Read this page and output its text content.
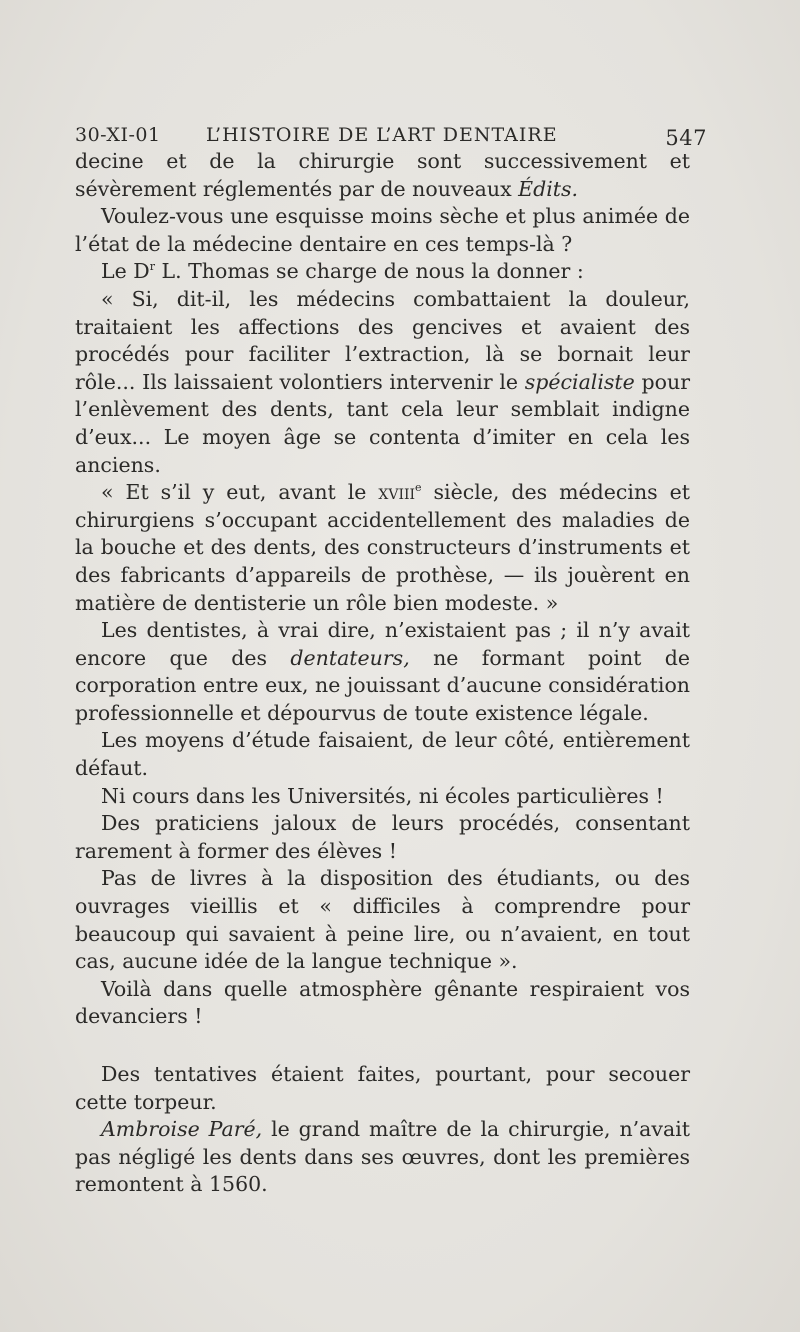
30-XI-01 L’HISTOIRE DE L’ART DENTAIRE	547

decine et de la chirurgie sont successivement et sévèrement réglementés par de nouveaux Édits.

Voulez-vous une esquisse moins sèche et plus animée de l’état de la médecine dentaire en ces temps-là ?

Le $D^r$ L. Thomas se charge de nous la donner :

« Si, dit-il, les médecins combattaient la douleur, traitaient les affections des gencives et avaient des procédés pour faciliter l’extraction, là se bornait leur rôle... Ils laissaient volontiers intervenir le spécialiste pour l’enlèvement des dents, tant cela leur semblait indigne d’eux... Le moyen âge se contenta d’imiter en cela les anciens.

« Et s’il y eut, avant le xviii$^e$ siècle, des médecins et chirurgiens s’occupant accidentellement des maladies de la bouche et des dents, des constructeurs d’instruments et des fabricants d’appareils de prothèse, — ils jouèrent en matière de dentisterie un rôle bien modeste. »

Les dentistes, à vrai dire, n’existaient pas ; il n’y avait encore que des dentateurs, ne formant point de corporation entre eux, ne jouissant d’aucune considération professionnelle et dépourvus de toute existence légale.

Les moyens d’étude faisaient, de leur côté, entièrement défaut.

Ni cours dans les Universités, ni écoles particulières !

Des praticiens jaloux de leurs procédés, consentant rarement à former des élèves !

Pas de livres à la disposition des étudiants, ou des ouvrages vieillis et « difficiles à comprendre pour beaucoup qui savaient à peine lire, ou n’avaient, en tout cas, aucune idée de la langue technique ».

Voilà dans quelle atmosphère gênante respiraient vos devanciers !

Des tentatives étaient faites, pourtant, pour secouer cette torpeur.

Ambroise Paré, le grand maître de la chirurgie, n’avait pas négligé les dents dans ses œuvres, dont les premières remontent à 1560.
